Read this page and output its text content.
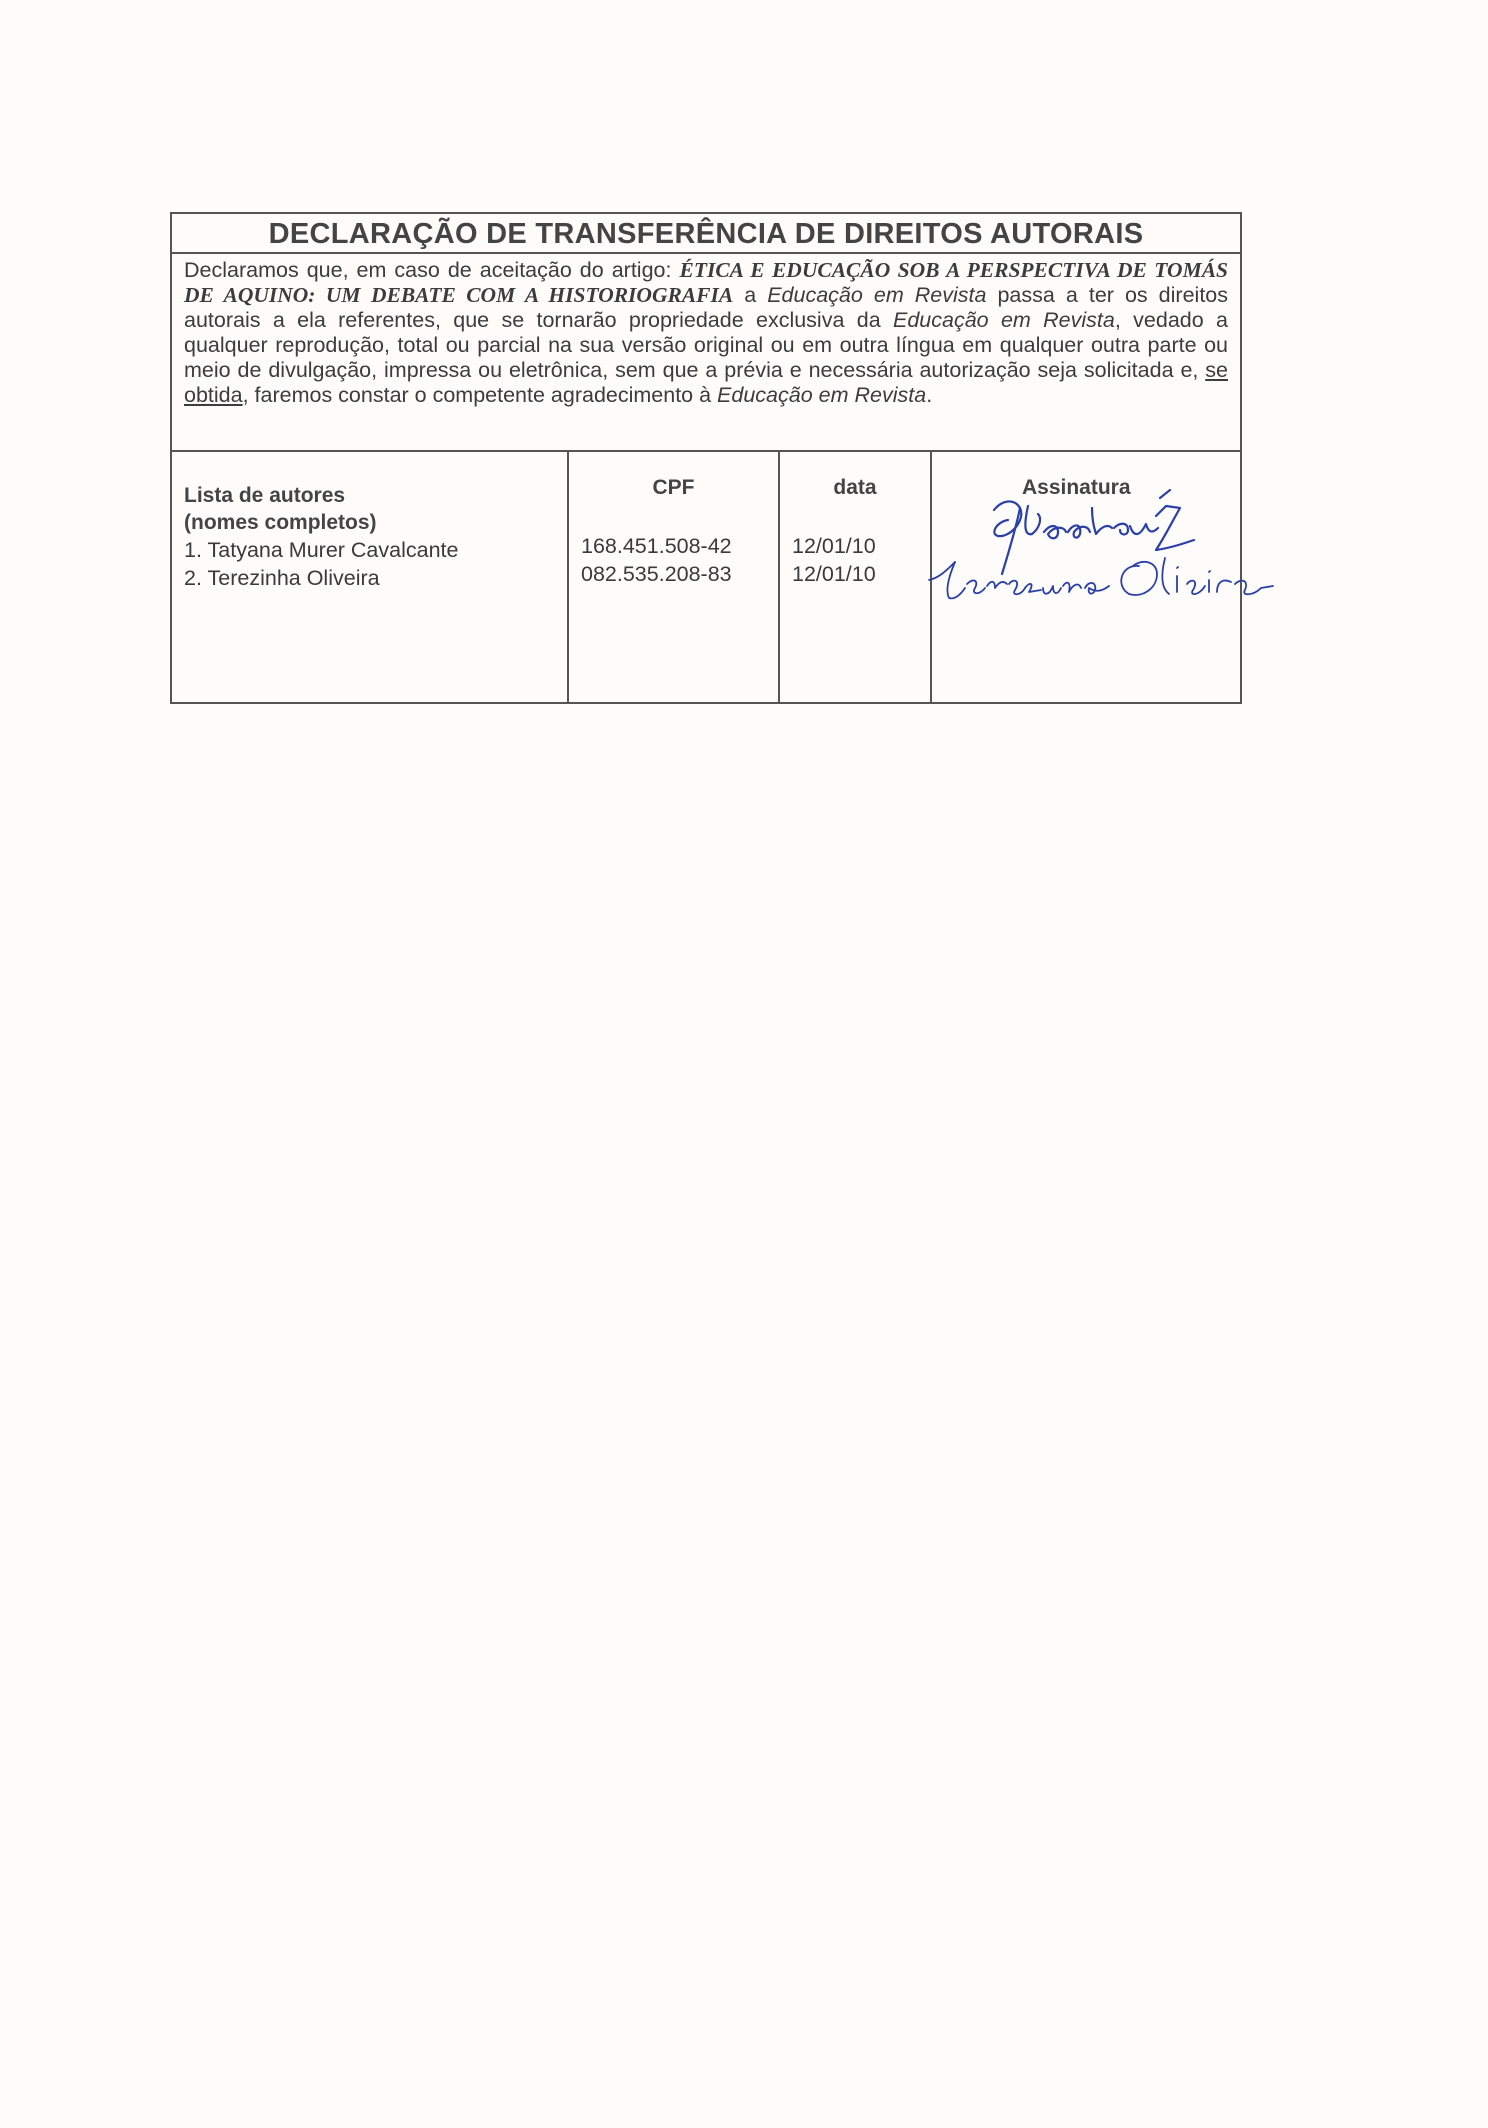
DECLARAÇÃO DE TRANSFERÊNCIA DE DIREITOS AUTORAIS
Declaramos que, em caso de aceitação do artigo: ÉTICA E EDUCAÇÃO SOB A PERSPECTIVA DE TOMÁS DE AQUINO: UM DEBATE COM A HISTORIOGRAFIA a Educação em Revista passa a ter os direitos autorais a ela referentes, que se tornarão propriedade exclusiva da Educação em Revista, vedado a qualquer reprodução, total ou parcial na sua versão original ou em outra língua em qualquer outra parte ou meio de divulgação, impressa ou eletrônica, sem que a prévia e necessária autorização seja solicitada e, se obtida, faremos constar o competente agradecimento à Educação em Revista.
Lista de autores
(nomes completos)
1. Tatyana Murer Cavalcante
2. Terezinha Oliveira
CPF
168.451.508-42
082.535.208-83
data
12/01/10
12/01/10
Assinatura
